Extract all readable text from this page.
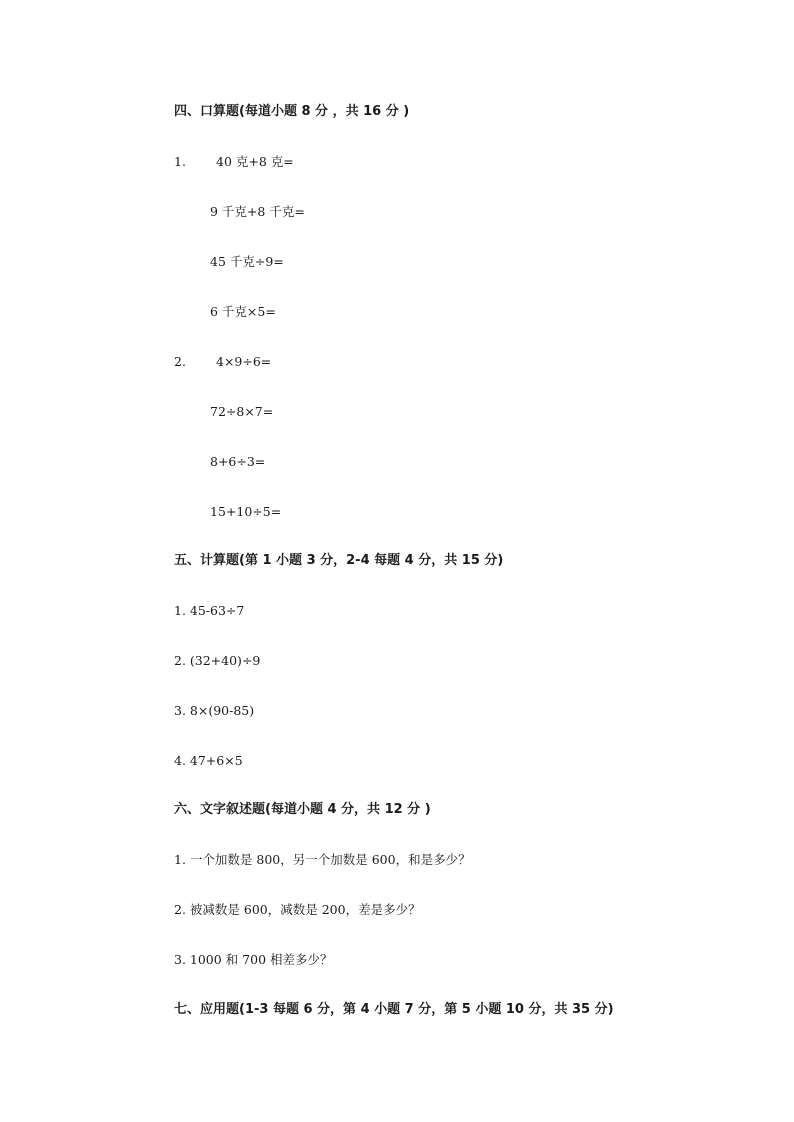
四、口算题(每道小题 8 分 ，共 16 分 )
1. 40 克+8 克=
9 千克+8 千克=
45 千克÷9=
6 千克×5=
2. 4×9÷6=
72÷8×7=
8+6÷3=
15+10÷5=
五、计算题(第 1 小题 3 分，2-4 每题 4 分，共 15 分)
1. 45-63÷7
2. (32+40)÷9
3. 8×(90-85)
4. 47+6×5
六、文字叙述题(每道小题 4 分，共 12 分 )
1. 一个加数是 800，另一个加数是 600，和是多少？
2. 被减数是 600，减数是 200，差是多少？
3. 1000 和 700 相差多少？
七、应用题(1-3 每题 6 分，第 4 小题 7 分，第 5 小题 10 分，共 35 分)
